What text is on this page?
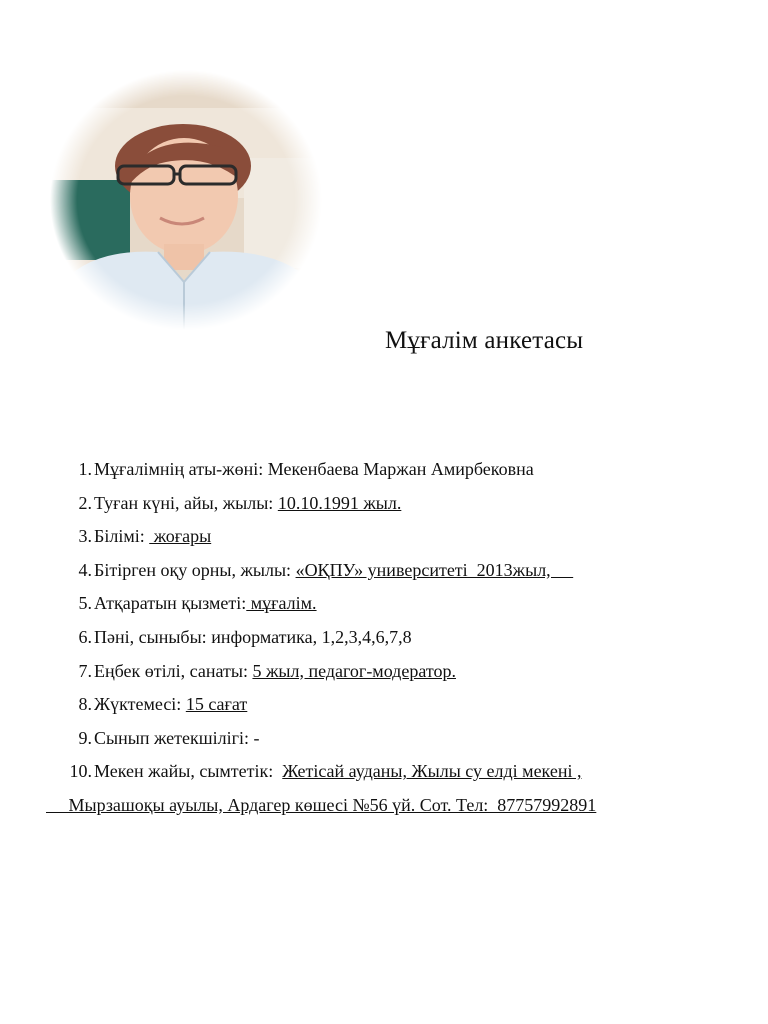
Мұғалім анкетасы
1. Мұғалімнің аты-жөні: Мекенбаева Маржан Амирбековна
2. Туған күні, айы, жылы: 10.10.1991 жыл.
3. Білімі:  жоғары
4. Бітірген оқу орны, жылы: «ОҚПУ» университеті  2013жыл,
5. Атқаратын қызметі: мұғалім.
6. Пәні, сыныбы: информатика, 1,2,3,4,6,7,8
7. Еңбек өтілі, санаты: 5 жыл, педагог-модератор.
8. Жүктемесі: 15 сағат
9. Сынып жетекшілігі: -
10. Мекен жайы, сымтетік:  Жетісай ауданы, Жылы су елді мекені ,
Мырзашоқы ауылы, Ардагер көшесі №56 үй. Сот. Тел:  87757992891
